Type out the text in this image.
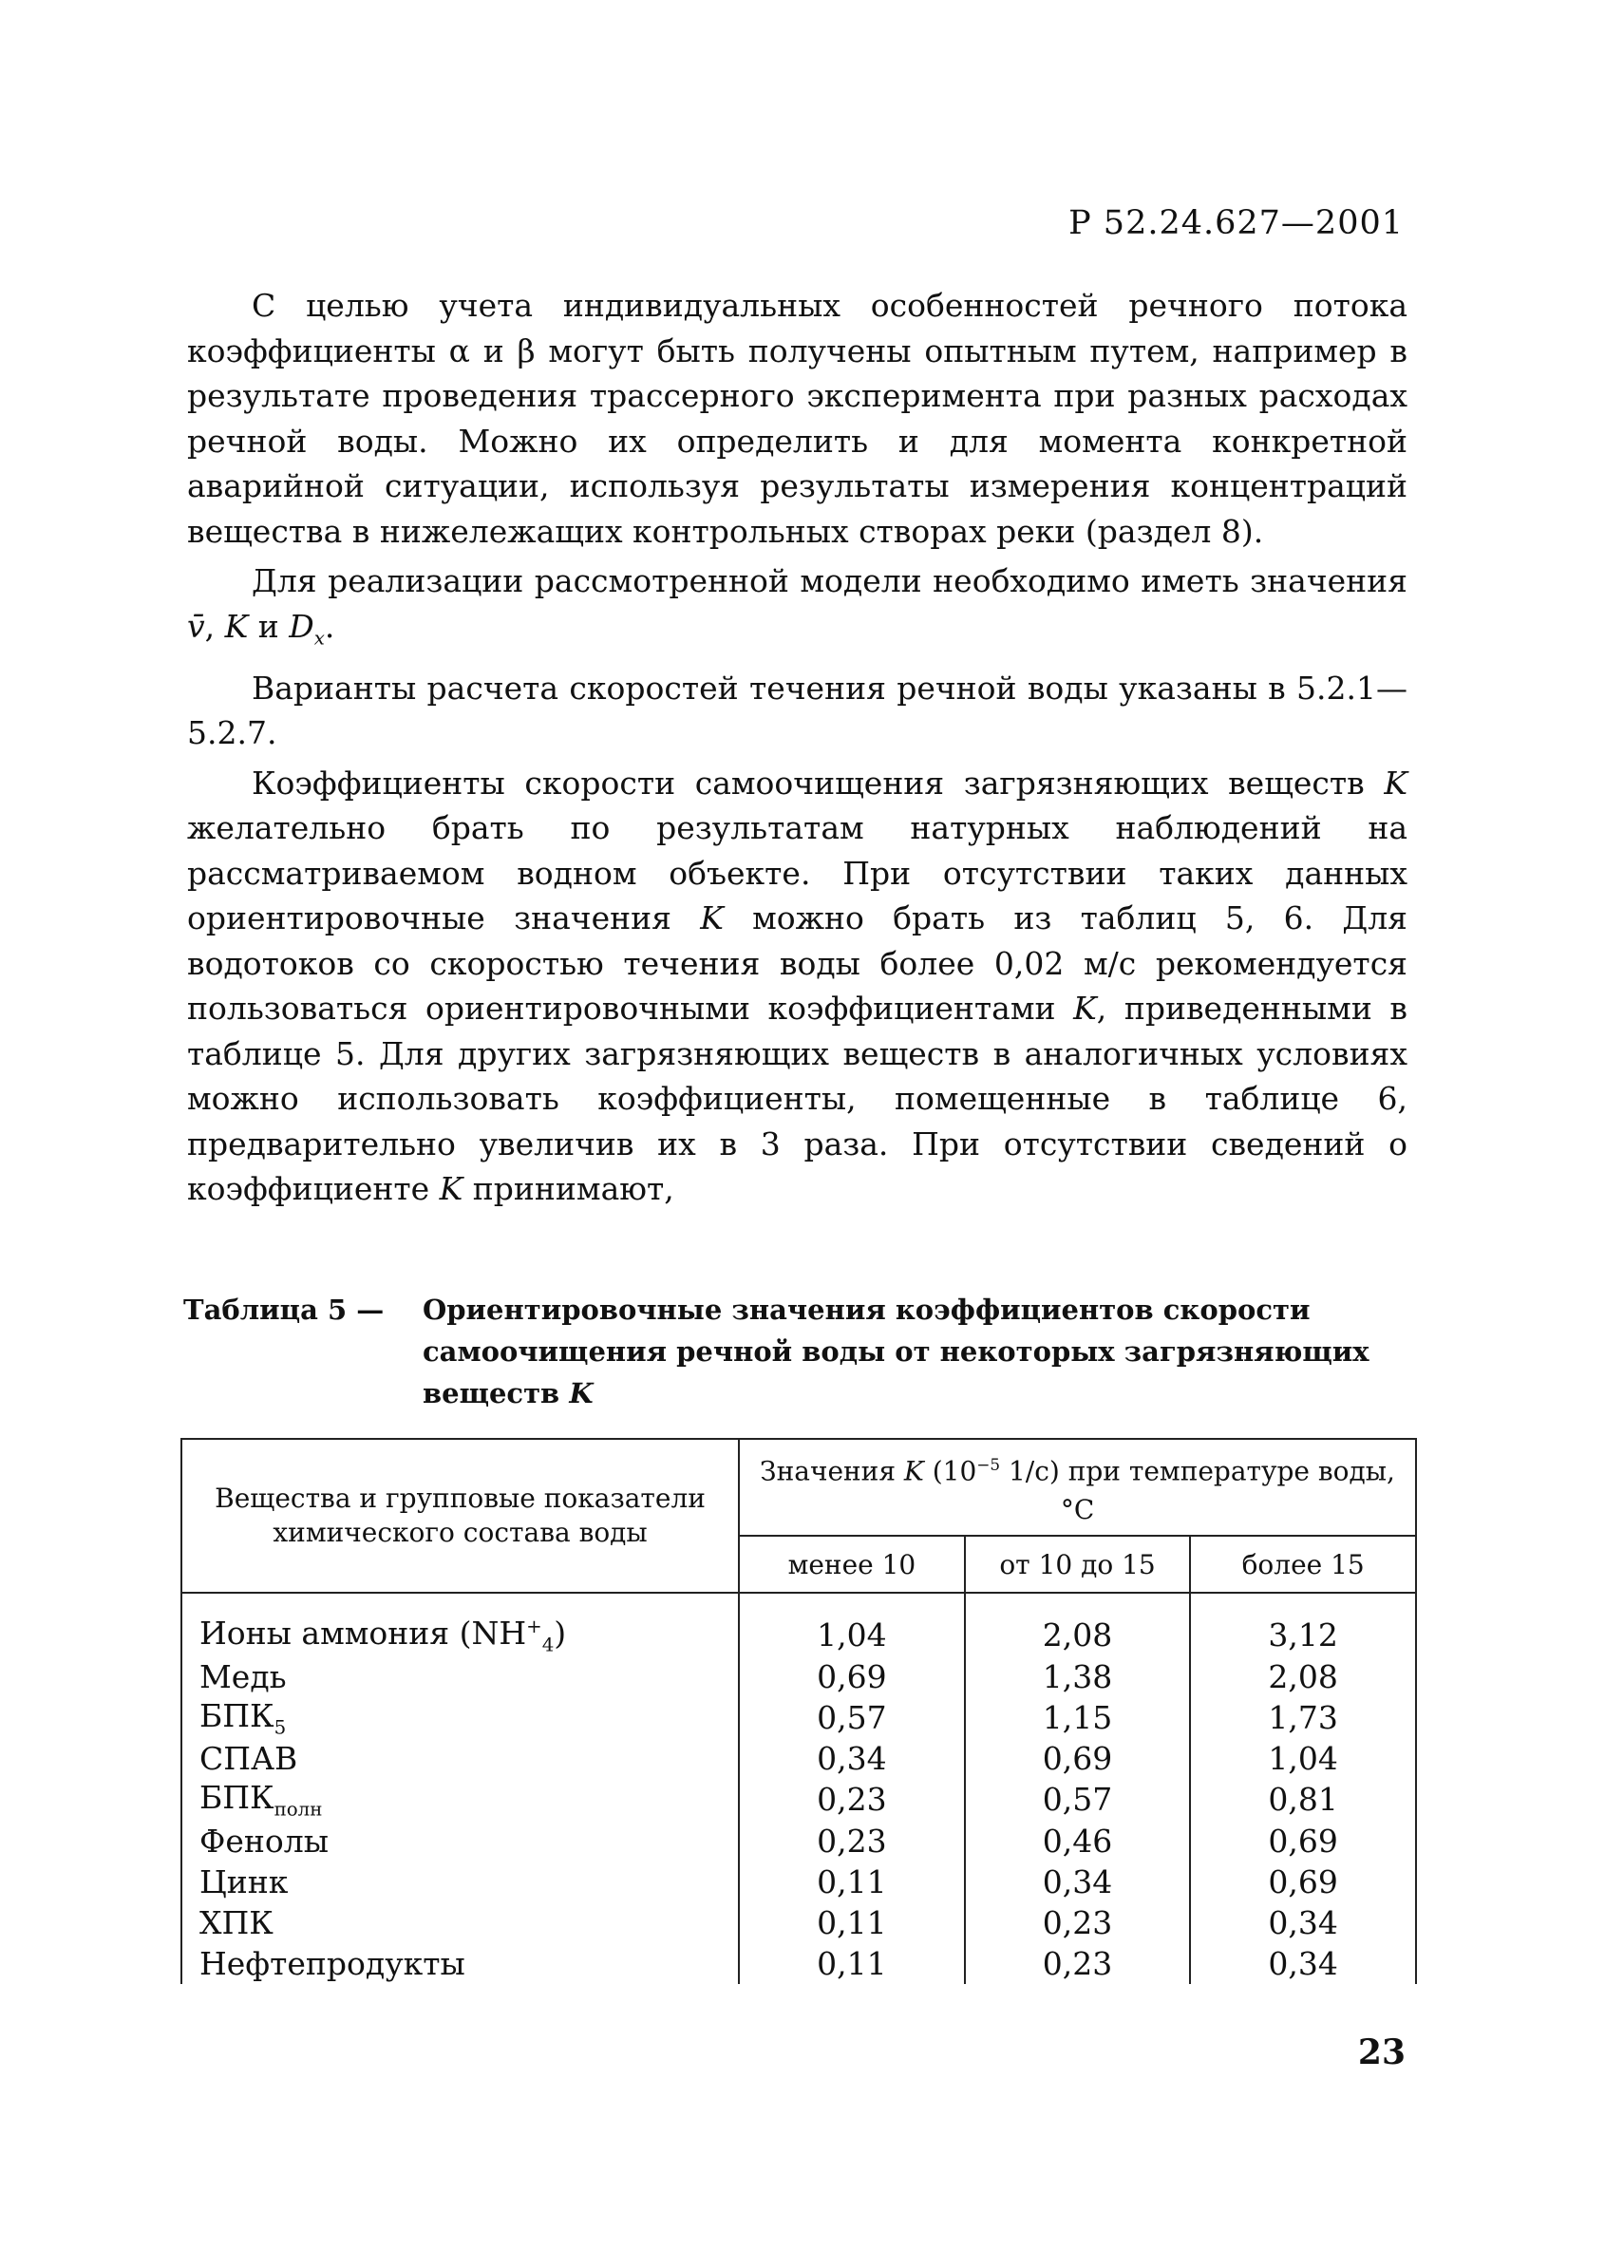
Р 52.24.627—2001

С целью учета индивидуальных особенностей речного потока коэффициенты α и β могут быть получены опытным путем, например в результате проведения трассерного эксперимента при разных расходах речной воды. Можно их определить и для момента конкретной аварийной ситуации, используя результаты измерения концентраций вещества в нижележащих контрольных створах реки (раздел 8).

Для реализации рассмотренной модели необходимо иметь значения v̄, K и $D_x$.

Варианты расчета скоростей течения речной воды указаны в 5.2.1—5.2.7.

Коэффициенты скорости самоочищения загрязняющих веществ K желательно брать по результатам натурных наблюдений на рассматриваемом водном объекте. При отсутствии таких данных ориентировочные значения K можно брать из таблиц 5, 6. Для водотоков со скоростью течения воды более 0,02 м/с рекомендуется пользоваться ориентировочными коэффициентами K, приведенными в таблице 5. Для других загрязняющих веществ в аналогичных условиях можно использовать коэффициенты, помещенные в таблице 6, предварительно увеличив их в 3 раза. При отсутствии сведений о коэффициенте K принимают,

Таблица 5 — Ориентировочные значения коэффициентов скорости самоочищения речной воды от некоторых загрязняющих веществ K
Вещества и групповые показатели химического состава воды	Значения K ($10^{-5}$ 1/с) при температуре воды, °С		
	менее 10	от 10 до 15	более 15
Ионы аммония $(NH^+_4)$	1,04	2,08	3,12
Медь	0,69	1,38	2,08
$БПК_5$	0,57	1,15	1,73
СПАВ	0,34	0,69	1,04
$БПК_{полн}$	0,23	0,57	0,81
Фенолы	0,23	0,46	0,69
Цинк	0,11	0,34	0,69
ХПК	0,11	0,23	0,34
Нефтепродукты	0,11	0,23	0,34
23
